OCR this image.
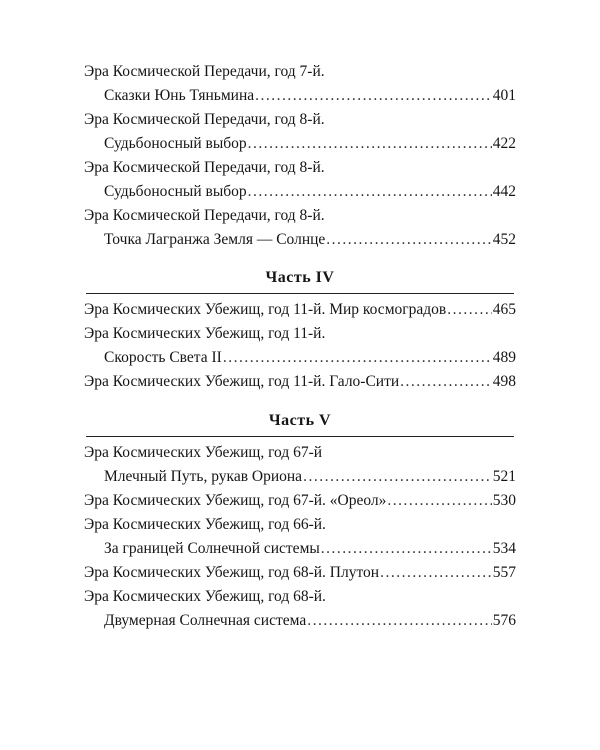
Эра Космической Передачи, год 7-й.
Сказки Юнь Тяньмина .....	401
Эра Космической Передачи, год 8-й.
Судьбоносный выбор .....	422
Эра Космической Передачи, год 8-й.
Судьбоносный выбор .....	442
Эра Космической Передачи, год 8-й.
Точка Лагранжа Земля — Солнце .....	452
Часть IV
Эра Космических Убежищ, год 11-й. Мир космоградов .....	465
Эра Космических Убежищ, год 11-й.
Скорость Света II .....	489
Эра Космических Убежищ, год 11-й. Гало-Сити .....	498
Часть V
Эра Космических Убежищ, год 67-й
Млечный Путь, рукав Ориона .....	521
Эра Космических Убежищ, год 67-й. «Ореол» .....	530
Эра Космических Убежищ, год 66-й.
За границей Солнечной системы .....	534
Эра Космических Убежищ, год 68-й. Плутон .....	557
Эра Космических Убежищ, год 68-й.
Двумерная Солнечная система .....	576
